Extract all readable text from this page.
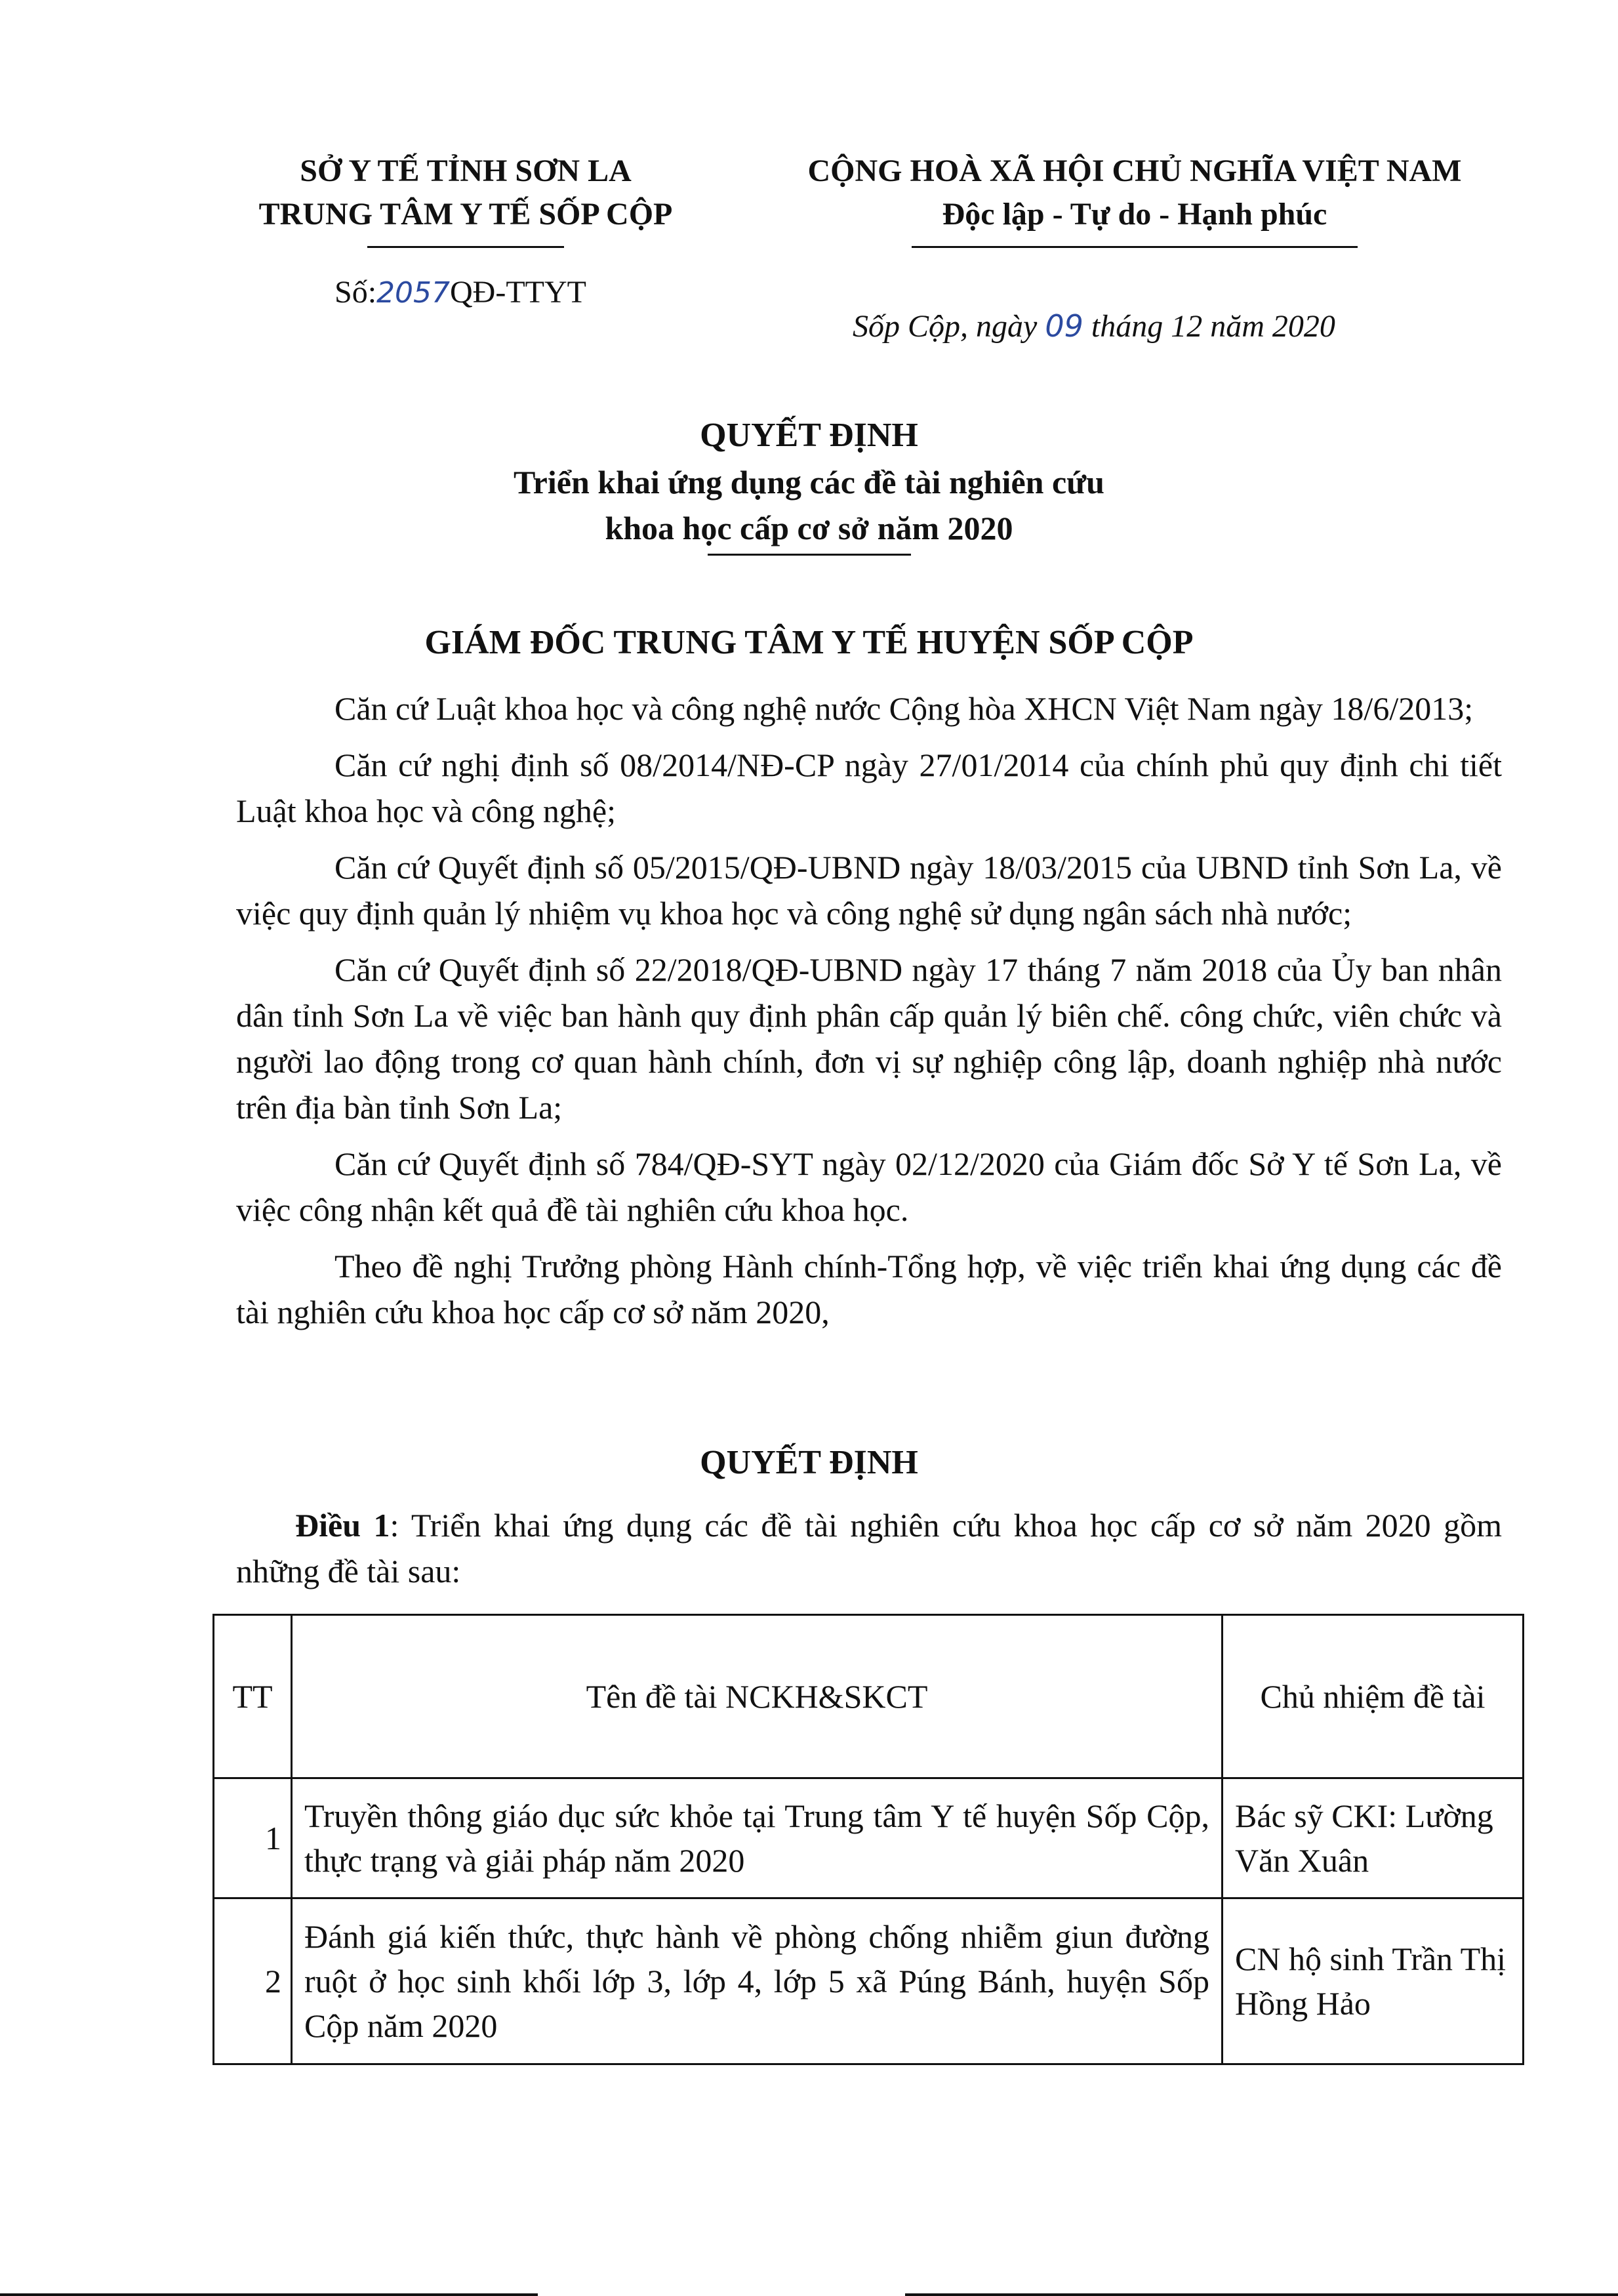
SỞ Y TẾ TỈNH SƠN LA
TRUNG TÂM Y TẾ SỐP CỘP
CỘNG HOÀ XÃ HỘI CHỦ NGHĨA VIỆT NAM
Độc lập - Tự do - Hạnh phúc
Số:2057QĐ-TTYT
Sốp Cộp, ngày 09 tháng 12 năm 2020
QUYẾT ĐỊNH
Triển khai ứng dụng các đề tài nghiên cứu
khoa học cấp cơ sở năm 2020
GIÁM ĐỐC TRUNG TÂM Y TẾ HUYỆN SỐP CỘP

Căn cứ Luật khoa học và công nghệ nước Cộng hòa XHCN Việt Nam ngày 18/6/2013;

Căn cứ nghị định số 08/2014/NĐ-CP ngày 27/01/2014 của chính phủ quy định chi tiết Luật khoa học và công nghệ;

Căn cứ Quyết định số 05/2015/QĐ-UBND ngày 18/03/2015 của UBND tỉnh Sơn La, về việc quy định quản lý nhiệm vụ khoa học và công nghệ sử dụng ngân sách nhà nước;

Căn cứ Quyết định số 22/2018/QĐ-UBND ngày 17 tháng 7 năm 2018 của Ủy ban nhân dân tỉnh Sơn La về việc ban hành quy định phân cấp quản lý biên chế. công chức, viên chức và người lao động trong cơ quan hành chính, đơn vị sự nghiệp công lập, doanh nghiệp nhà nước trên địa bàn tỉnh Sơn La;

Căn cứ Quyết định số 784/QĐ-SYT ngày 02/12/2020 của Giám đốc Sở Y tế Sơn La, về việc công nhận kết quả đề tài nghiên cứu khoa học.

Theo đề nghị Trưởng phòng Hành chính-Tổng hợp, về việc triển khai ứng dụng các đề tài nghiên cứu khoa học cấp cơ sở năm 2020,

QUYẾT ĐỊNH

Điều 1: Triển khai ứng dụng các đề tài nghiên cứu khoa học cấp cơ sở năm 2020 gồm những đề tài sau:

TT	Tên đề tài NCKH&SKCT	Chủ nhiệm đề tài
1	Truyền thông giáo dục sức khỏe tại Trung tâm Y tế huyện Sốp Cộp, thực trạng và giải pháp năm 2020	Bác sỹ CKI: Lường Văn Xuân
2	Đánh giá kiến thức, thực hành về phòng chống nhiễm giun đường ruột ở học sinh khối lớp 3, lớp 4, lớp 5 xã Púng Bánh, huyện Sốp Cộp năm 2020	CN hộ sinh Trần Thị Hồng Hảo
